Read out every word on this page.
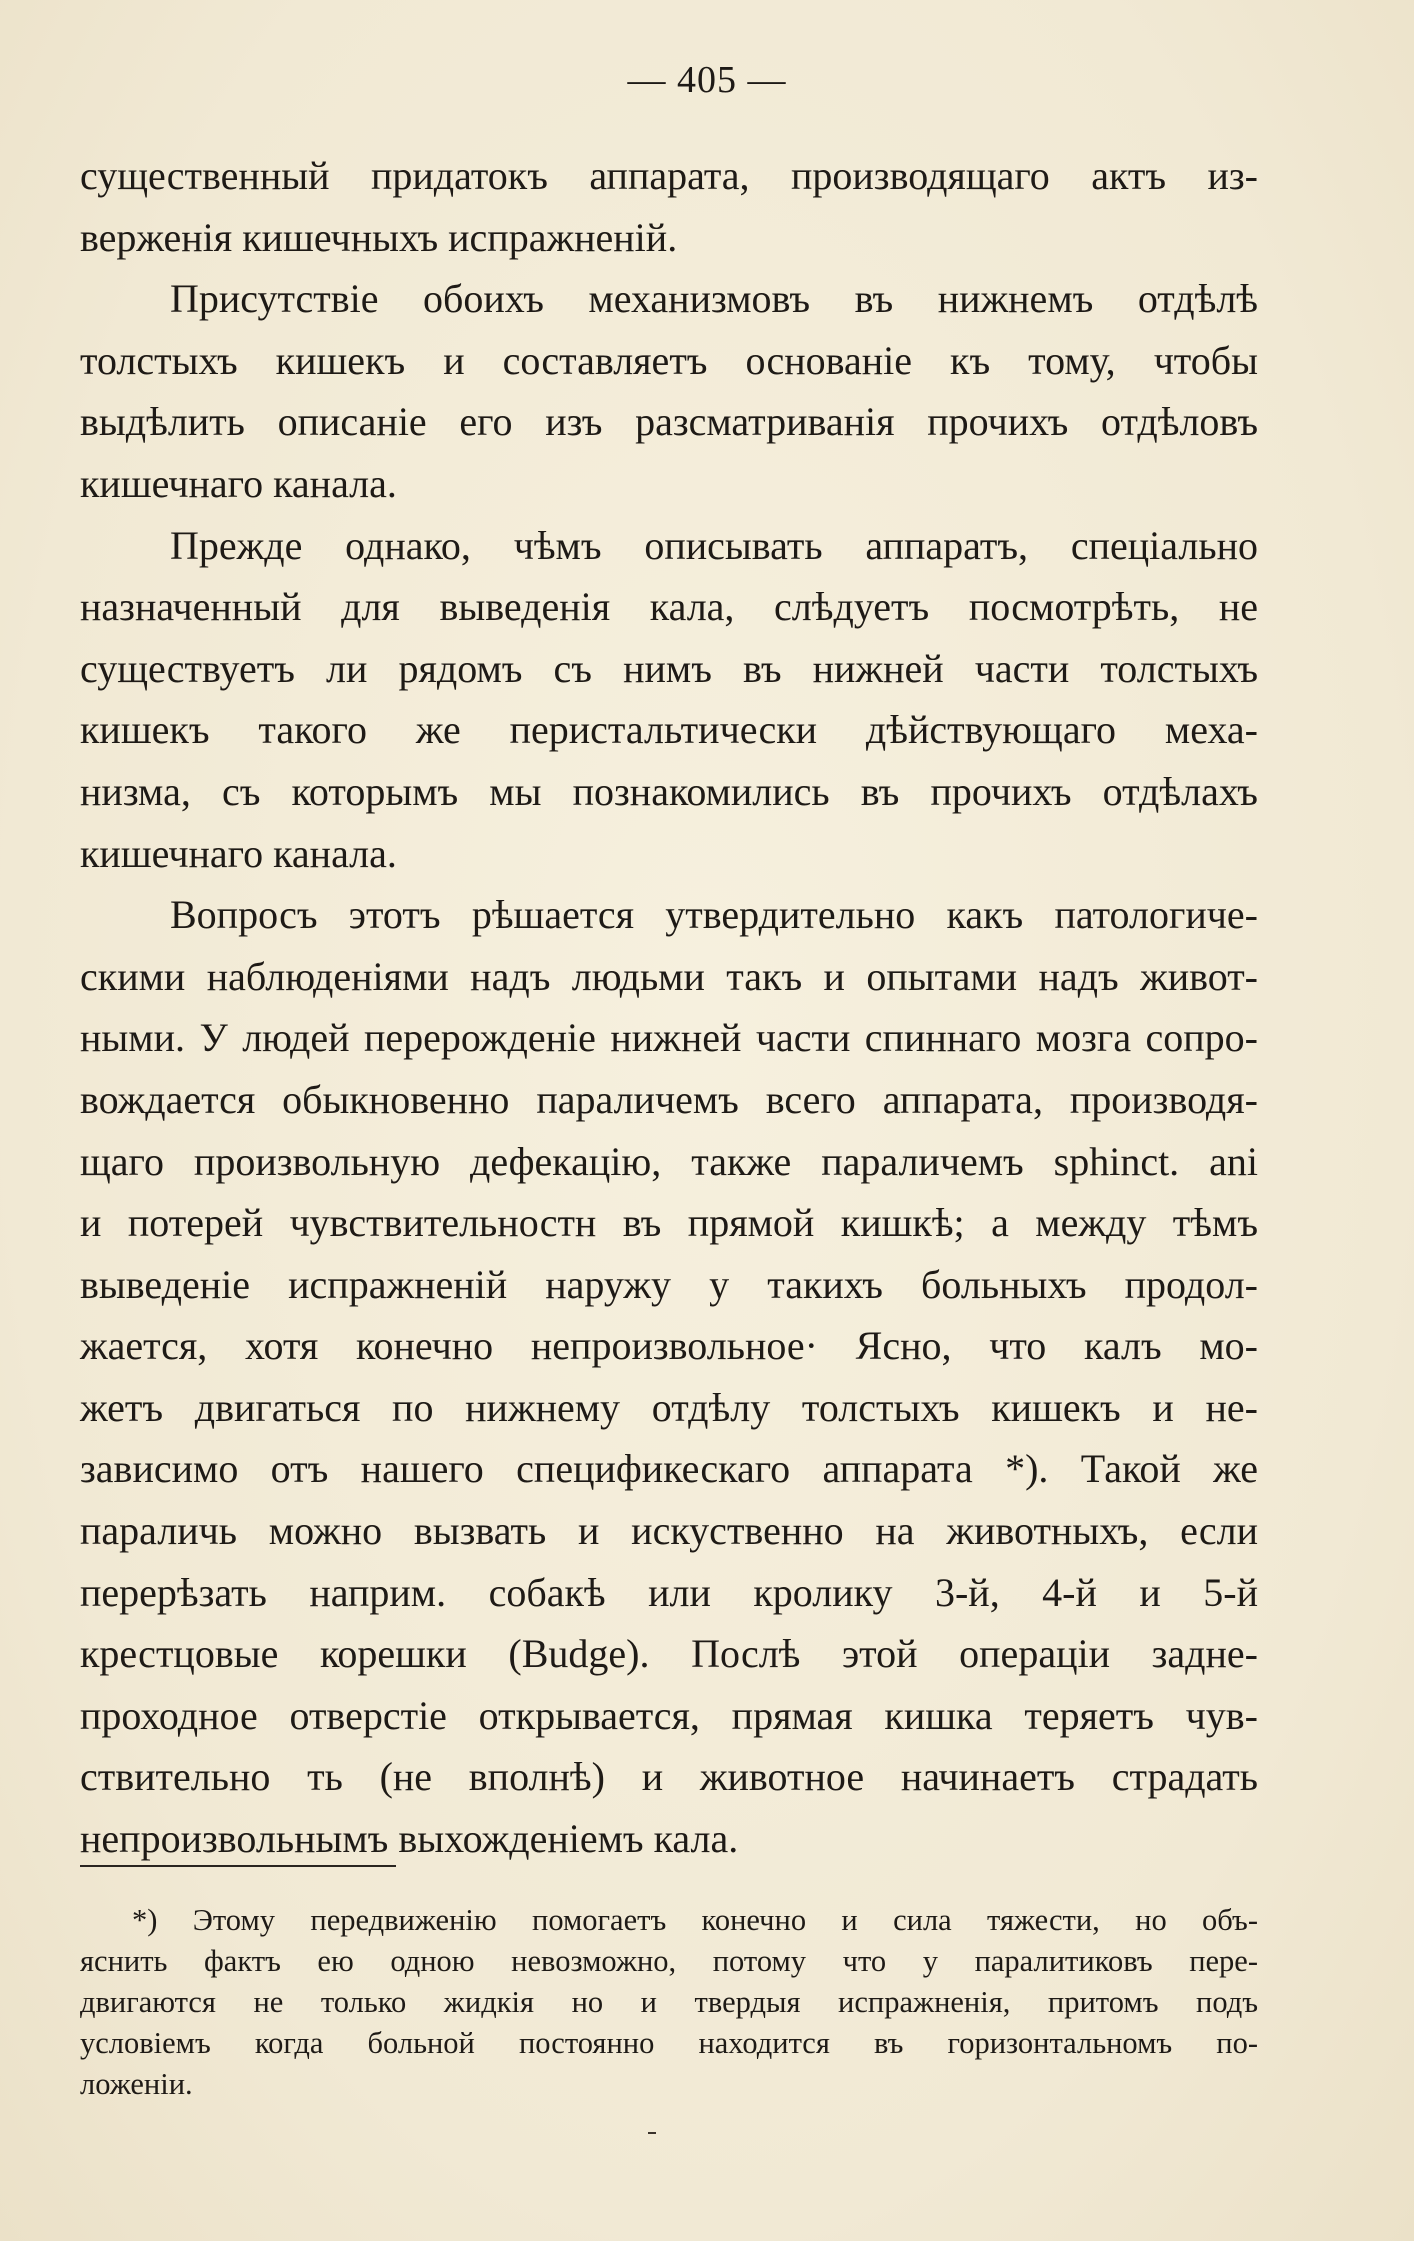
— 405 —
существенный придатокъ аппарата, производящаго актъ из-
верженія кишечныхъ испражненій.
Присутствіе обоихъ механизмовъ въ нижнемъ отдѣлѣ
толстыхъ кишекъ и составляетъ основаніе къ тому, чтобы
выдѣлить описаніе его изъ разсматриванія прочихъ отдѣловъ
кишечнаго канала.
Прежде однако, чѣмъ описывать аппаратъ, спеціально
назначенный для выведенія кала, слѣдуетъ посмотрѣть, не
существуетъ ли рядомъ съ нимъ въ нижней части толстыхъ
кишекъ такого же перистальтически дѣйствующаго меха-
низма, съ которымъ мы познакомились въ прочихъ отдѣлахъ
кишечнаго канала.
Вопросъ этотъ рѣшается утвердительно какъ патологиче-
скими наблюденіями надъ людьми такъ и опытами надъ живот-
ными. У людей перерожденіе нижней части спиннаго мозга сопро-
вождается обыкновенно параличемъ всего аппарата, производя-
щаго произвольную дефекацію, также параличемъ sphinct. ani
и потерей чувствительностн въ прямой кишкѣ; а между тѣмъ
выведеніе испражненій наружу у такихъ больныхъ продол-
жается, хотя конечно непроизвольное· Ясно, что калъ мо-
жетъ двигаться по нижнему отдѣлу толстыхъ кишекъ и не-
зависимо отъ нашего спецификескаго аппарата *). Такой же
параличь можно вызвать и искуственно на животныхъ, если
перерѣзать наприм. собакѣ или кролику 3-й, 4-й и 5-й
крестцовые корешки (Budge). Послѣ этой операціи задне-
проходное отверстіе открывается, прямая кишка теряетъ чув-
ствительно ть (не вполнѣ) и животное начинаетъ страдать
непроизвольнымъ выхожденіемъ кала.
*) Этому передвиженію помогаетъ конечно и сила тяжести, но объ-
яснить фактъ ею одною невозможно, потому что у паралитиковъ пере-
двигаются не только жидкія но и твердыя испражненія, притомъ подъ
условіемъ когда больной постоянно находится въ горизонтальномъ по-
ложеніи.
